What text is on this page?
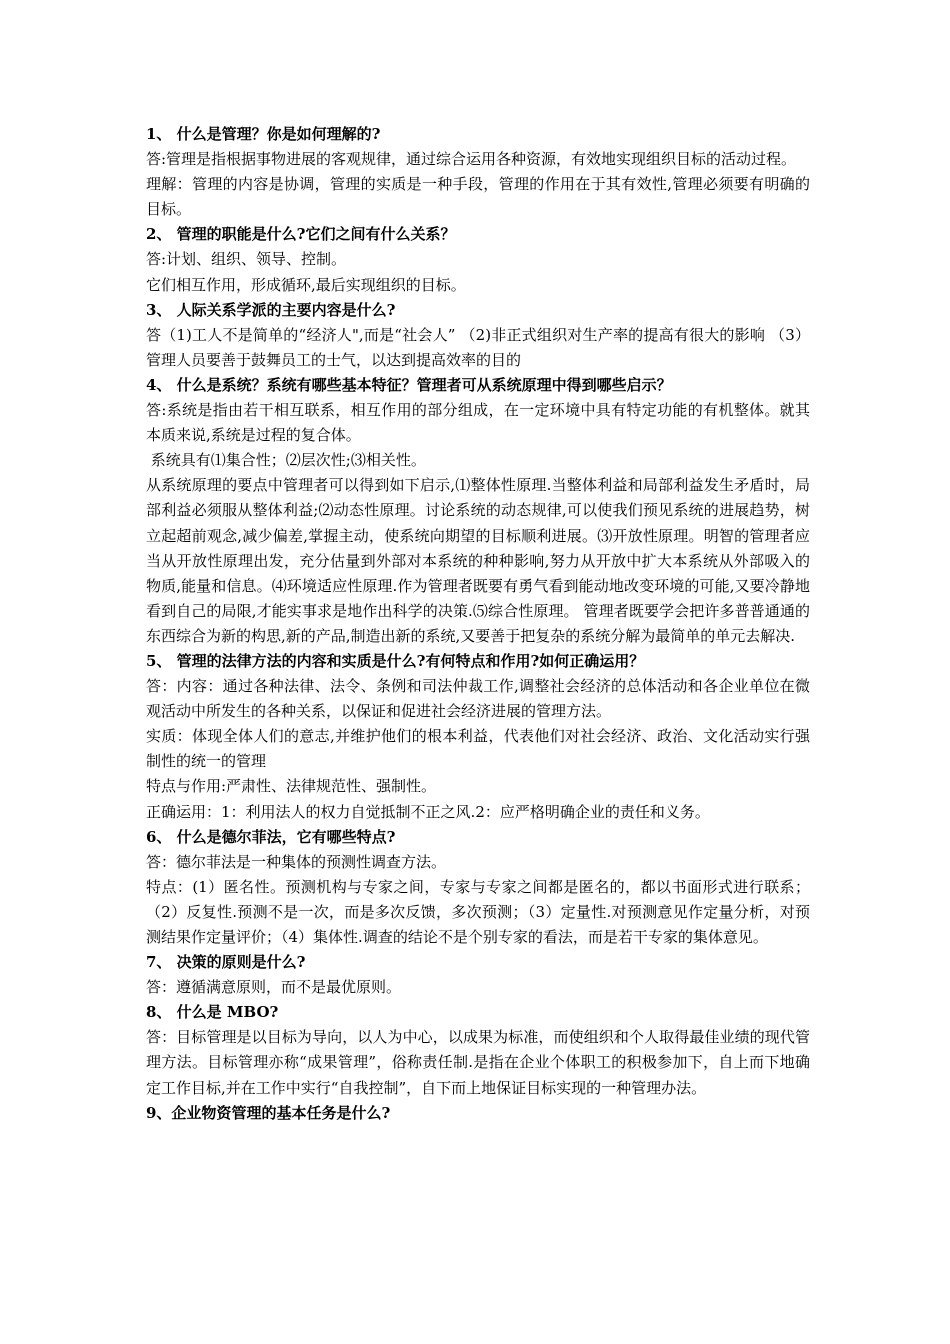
1、 什么是管理？你是如何理解的?

答:管理是指根据事物进展的客观规律，通过综合运用各种资源，有效地实现组织目标的活动过程。

理解：管理的内容是协调，管理的实质是一种手段，管理的作用在于其有效性,管理必须要有明确的目标。

2、 管理的职能是什么?它们之间有什么关系？

答:计划、组织、领导、控制。

它们相互作用，形成循环,最后实现组织的目标。

3、 人际关系学派的主要内容是什么?

答（1)工人不是简单的“经济人",而是“社会人” （2)非正式组织对生产率的提高有很大的影响 （3）管理人员要善于鼓舞员工的士气，以达到提高效率的目的

4、 什么是系统？系统有哪些基本特征？管理者可从系统原理中得到哪些启示？

答:系统是指由若干相互联系，相互作用的部分组成，在一定环境中具有特定功能的有机整体。就其本质来说,系统是过程的复合体。

系统具有⑴集合性；⑵层次性;⑶相关性。

从系统原理的要点中管理者可以得到如下启示,⑴整体性原理.当整体利益和局部利益发生矛盾时，局部利益必须服从整体利益;⑵动态性原理。讨论系统的动态规律,可以使我们预见系统的进展趋势，树立起超前观念,减少偏差,掌握主动，使系统向期望的目标顺利进展。⑶开放性原理。明智的管理者应当从开放性原理出发，充分估量到外部对本系统的种种影响,努力从开放中扩大本系统从外部吸入的物质,能量和信息。⑷环境适应性原理.作为管理者既要有勇气看到能动地改变环境的可能,又要冷静地看到自己的局限,才能实事求是地作出科学的决策.⑸综合性原理。 管理者既要学会把许多普普通通的东西综合为新的构思,新的产品,制造出新的系统,又要善于把复杂的系统分解为最简单的单元去解决.

5、 管理的法律方法的内容和实质是什么?有何特点和作用?如何正确运用？

答：内容：通过各种法律、法令、条例和司法仲裁工作,调整社会经济的总体活动和各企业单位在微观活动中所发生的各种关系，以保证和促进社会经济进展的管理方法。

实质：体现全体人们的意志,并维护他们的根本利益，代表他们对社会经济、政治、文化活动实行强制性的统一的管理

特点与作用:严肃性、法律规范性、强制性。

正确运用：1：利用法人的权力自觉抵制不正之风.2：应严格明确企业的责任和义务。

6、 什么是德尔菲法，它有哪些特点?

答：德尔菲法是一种集体的预测性调查方法。

特点：(1）匿名性。预测机构与专家之间，专家与专家之间都是匿名的，都以书面形式进行联系；（2）反复性.预测不是一次，而是多次反馈，多次预测；（3）定量性.对预测意见作定量分析，对预测结果作定量评价；（4）集体性.调查的结论不是个别专家的看法，而是若干专家的集体意见。

7、 决策的原则是什么?

答：遵循满意原则，而不是最优原则。

8、 什么是 MBO?

答：目标管理是以目标为导向，以人为中心，以成果为标准，而使组织和个人取得最佳业绩的现代管理方法。目标管理亦称“成果管理”，俗称责任制.是指在企业个体职工的积极参加下，自上而下地确定工作目标,并在工作中实行“自我控制”，自下而上地保证目标实现的一种管理办法。

9、企业物资管理的基本任务是什么?
